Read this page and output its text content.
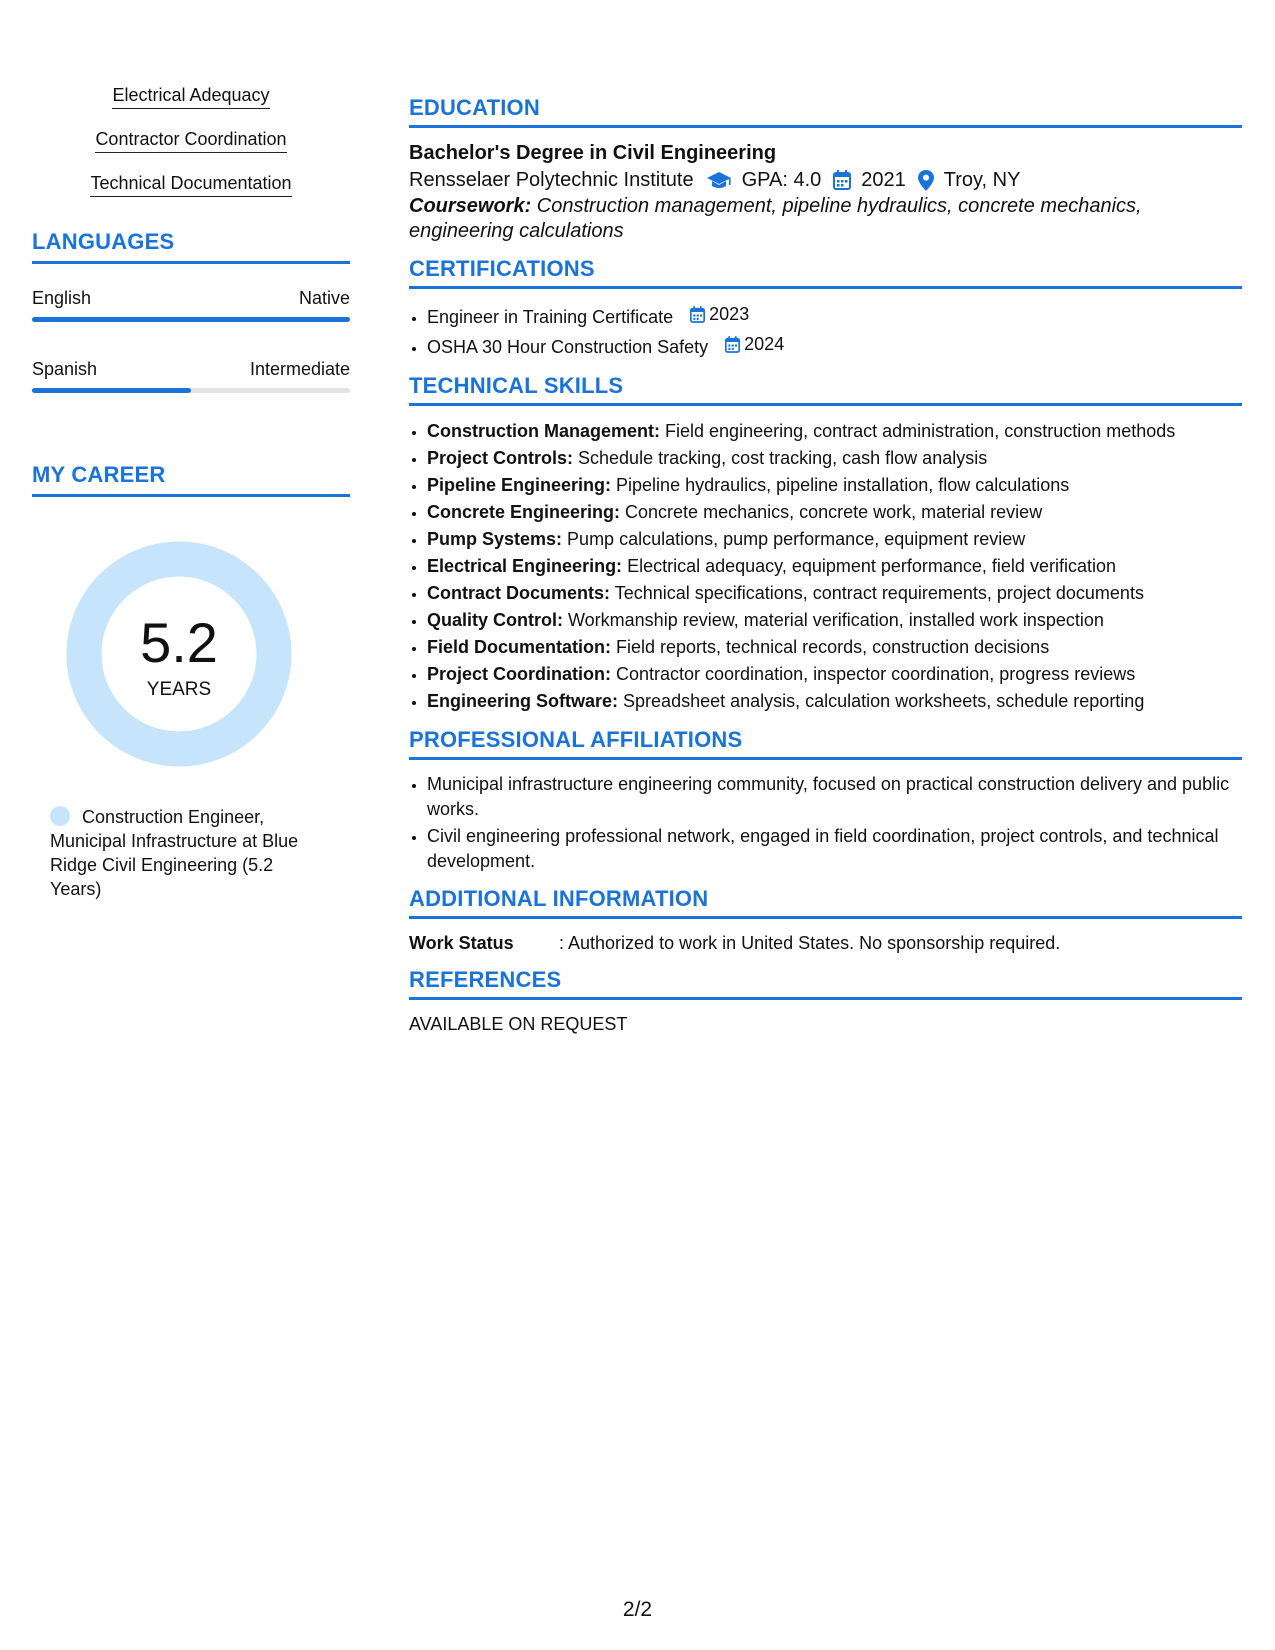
Electrical Adequacy
Contractor Coordination
Technical Documentation
LANGUAGES
English	Native
Spanish	Intermediate
MY CAREER
5.2
YEARS
Construction Engineer, Municipal Infrastructure at Blue Ridge Civil Engineering (5.2 Years)
EDUCATION
Bachelor's Degree in Civil Engineering
Rensselaer Polytechnic Institute GPA: 4.0 2021 Troy, NY
Coursework: Construction management, pipeline hydraulics, concrete mechanics, engineering calculations
CERTIFICATIONS
• Engineer in Training Certificate 2023
• OSHA 30 Hour Construction Safety 2024
TECHNICAL SKILLS
• Construction Management: Field engineering, contract administration, construction methods
• Project Controls: Schedule tracking, cost tracking, cash flow analysis
• Pipeline Engineering: Pipeline hydraulics, pipeline installation, flow calculations
• Concrete Engineering: Concrete mechanics, concrete work, material review
• Pump Systems: Pump calculations, pump performance, equipment review
• Electrical Engineering: Electrical adequacy, equipment performance, field verification
• Contract Documents: Technical specifications, contract requirements, project documents
• Quality Control: Workmanship review, material verification, installed work inspection
• Field Documentation: Field reports, technical records, construction decisions
• Project Coordination: Contractor coordination, inspector coordination, progress reviews
• Engineering Software: Spreadsheet analysis, calculation worksheets, schedule reporting
PROFESSIONAL AFFILIATIONS
• Municipal infrastructure engineering community, focused on practical construction delivery and public works.
• Civil engineering professional network, engaged in field coordination, project controls, and technical development.
ADDITIONAL INFORMATION
Work Status	: Authorized to work in United States. No sponsorship required.
REFERENCES
AVAILABLE ON REQUEST
2/2
